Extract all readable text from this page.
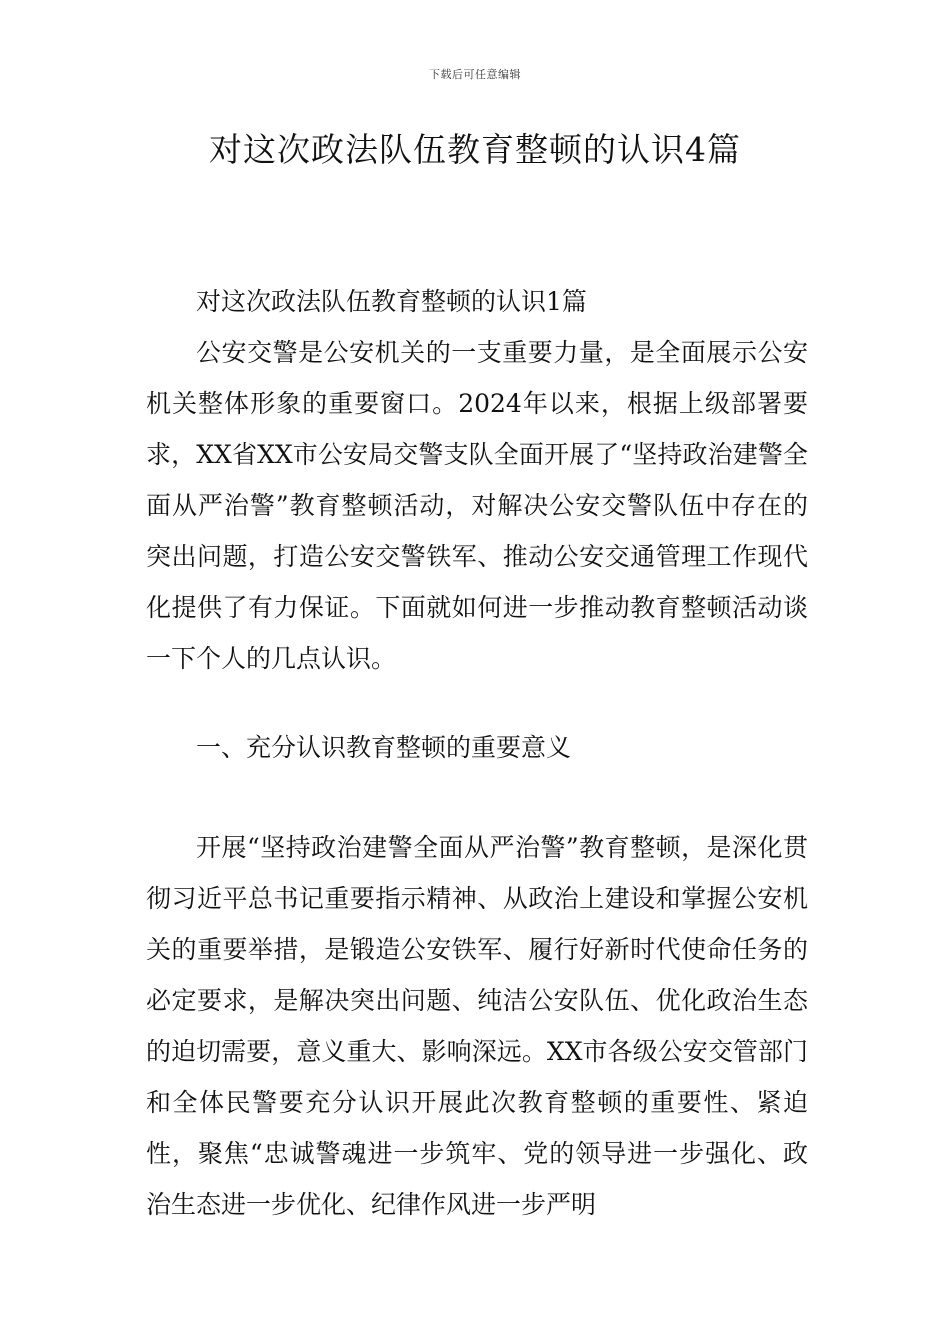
下载后可任意编辑
对这次政法队伍教育整顿的认识4篇

对这次政法队伍教育整顿的认识1篇

公安交警是公安机关的一支重要力量，是全面展示公安机关整体形象的重要窗口。2024年以来，根据上级部署要求，XX省XX市公安局交警支队全面开展了“坚持政治建警全面从严治警”教育整顿活动，对解决公安交警队伍中存在的突出问题，打造公安交警铁军、推动公安交通管理工作现代化提供了有力保证。下面就如何进一步推动教育整顿活动谈一下个人的几点认识。

一、充分认识教育整顿的重要意义

开展“坚持政治建警全面从严治警”教育整顿，是深化贯彻习近平总书记重要指示精神、从政治上建设和掌握公安机关的重要举措，是锻造公安铁军、履行好新时代使命任务的必定要求，是解决突出问题、纯洁公安队伍、优化政治生态的迫切需要，意义重大、影响深远。XX市各级公安交管部门和全体民警要充分认识开展此次教育整顿的重要性、紧迫性，聚焦“忠诚警魂进一步筑牢、党的领导进一步强化、政治生态进一步优化、纪律作风进一步严明
